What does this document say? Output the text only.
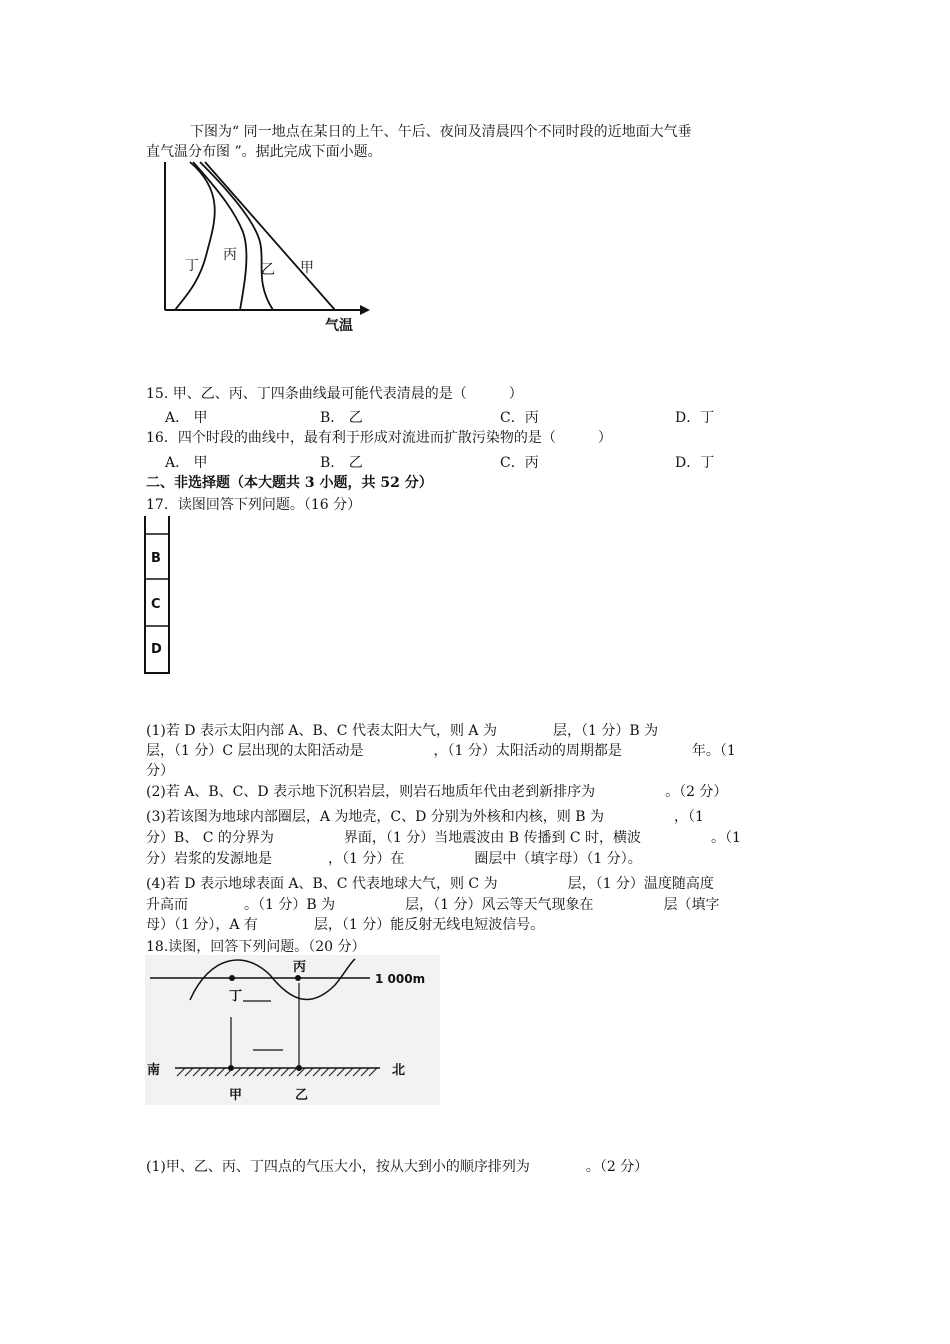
下图为“ 同一地点在某日的上午、午后、夜间及清晨四个不同时段的近地面大气垂
直气温分布图 ”。据此完成下面小题。
丁
丙
乙 甲
气温
15. 甲、乙、丙、丁四条曲线最可能代表清晨的是（　　　）
A． 甲	B． 乙	C．丙	D．丁
16．四个时段的曲线中，最有利于形成对流进而扩散污染物的是（　　　）
A． 甲	B． 乙	C．丙	D．丁
二、非选择题（本大题共 3 小题，共 52 分）
17．读图回答下列问题。（16 分）
B
C
D
(1)若 D 表示太阳内部 A、B、C 代表太阳大气，则 A 为　　　　层，（1 分）B 为
层，（1 分）C 层出现的太阳活动是　　　　　，（1 分）太阳活动的周期都是　　　　　年。（1
分）
(2)若 A、B、C、D 表示地下沉积岩层，则岩石地质年代由老到新排序为　　　　　。（2 分）
(3)若该图为地球内部圈层，A 为地壳，C、D 分别为外核和内核，则 B 为　　　　　，（1
分）B、 C 的分界为　　　　　界面，（1 分）当地震波由 B 传播到 C 时，横波　　　　　。（1
分）岩浆的发源地是　　　　，（1 分）在　　　　　圈层中（填字母）（1 分）。
(4)若 D 表示地球表面 A、B、C 代表地球大气，则 C 为　　　　　层，（1 分）温度随高度
升高而　　　　。（1 分）B 为　　　　　层，（1 分）风云等天气现象在　　　　　层（填字
母）（1 分），A 有　　　　层，（1 分）能反射无线电短波信号。
18.读图，回答下列问题。（20 分）
丙
丁
1 000m
南	北
甲	乙
(1)甲、乙、丙、丁四点的气压大小，按从大到小的顺序排列为　　　　。（2 分）
